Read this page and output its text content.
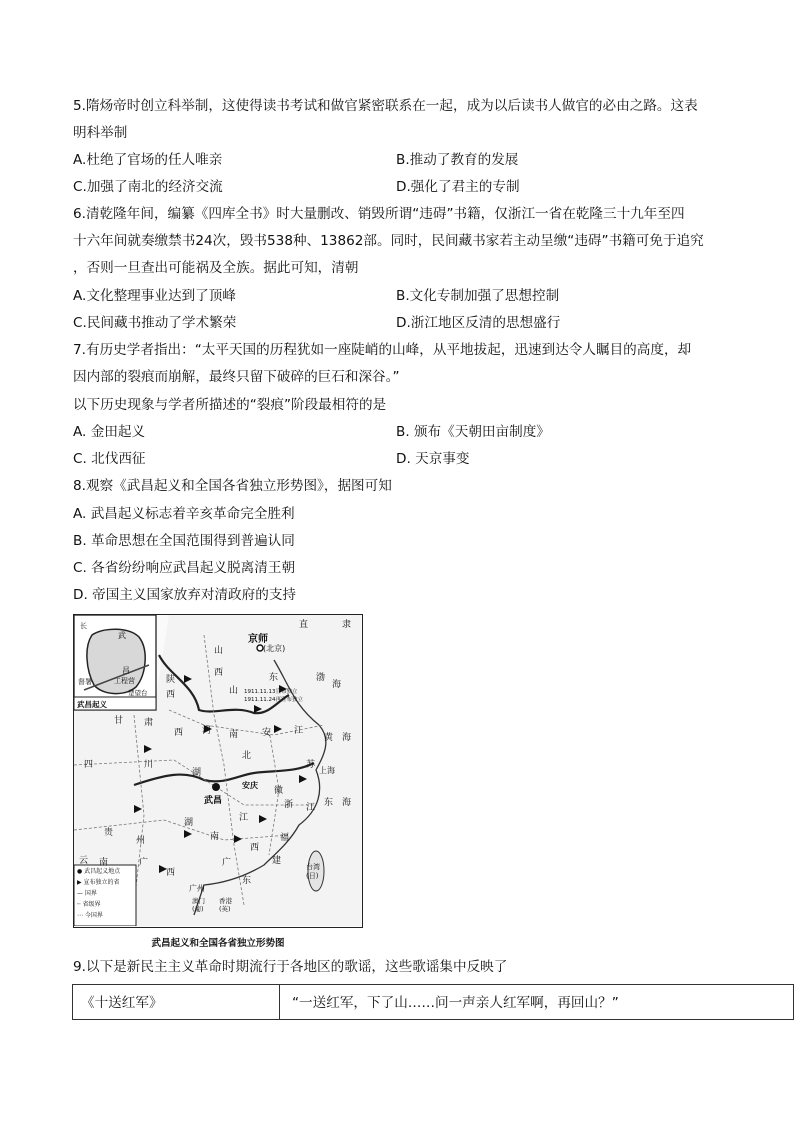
5.隋炀帝时创立科举制，这使得读书考试和做官紧密联系在一起，成为以后读书人做官的必由之路。这表
明科举制
A.杜绝了官场的任人唯亲	B.推动了教育的发展
C.加强了南北的经济交流	D.强化了君主的专制
6.清乾隆年间，编纂《四库全书》时大量删改、销毁所谓“违碍”书籍，仅浙江一省在乾隆三十九年至四
十六年间就奏缴禁书24次，毁书538种、13862部。同时，民间藏书家若主动呈缴“违碍”书籍可免于追究
，否则一旦查出可能祸及全族。据此可知，清朝
A.文化整理事业达到了顶峰	B.文化专制加强了思想控制
C.民间藏书推动了学术繁荣	D.浙江地区反清的思想盛行
7.有历史学者指出：“太平天国的历程犹如一座陡峭的山峰，从平地拔起，迅速到达令人瞩目的高度，却
因内部的裂痕而崩解，最终只留下破碎的巨石和深谷。”
以下历史现象与学者所描述的“裂痕”阶段最相符的是
A. 金田起义	B. 颁布《天朝田亩制度》
C. 北伐西征	D. 天京事变
8.观察《武昌起义和全国各省独立形势图》，据图可知
A. 武昌起义标志着辛亥革命完全胜利
B. 革命思想在全国范围得到普遍认同
C. 各省纷纷响应武昌起义脱离清王朝
D. 帝国主义国家放弃对清政府的支持
武
昌
工程营
楚望台
督署
长
武昌起义
京师
(北京)
1911.11.13宣布独立
1911.11.24再宣布独立
直	隶
山
东
陕
西
山
西
河 南
甘 肃
西
四	川
湖
北
安
徽
江
苏
浙 江
贵
州
湖
南
江
西
福
建
广
西
广
东
云 南
黄 海
东 海
渤
海
武昌
安庆
上海
广州
台湾(日)
澳门(葡)
香港(英)
● 武昌起义地点
▶ 宣布独立的省
— 国界
┄ 省级界
⋯ 今国界
武昌起义和全国各省独立形势图
9.以下是新民主主义革命时期流行于各地区的歌谣，这些歌谣集中反映了
《十送红军》	“一送红军，下了山……问一声亲人红军啊，再回山？”
